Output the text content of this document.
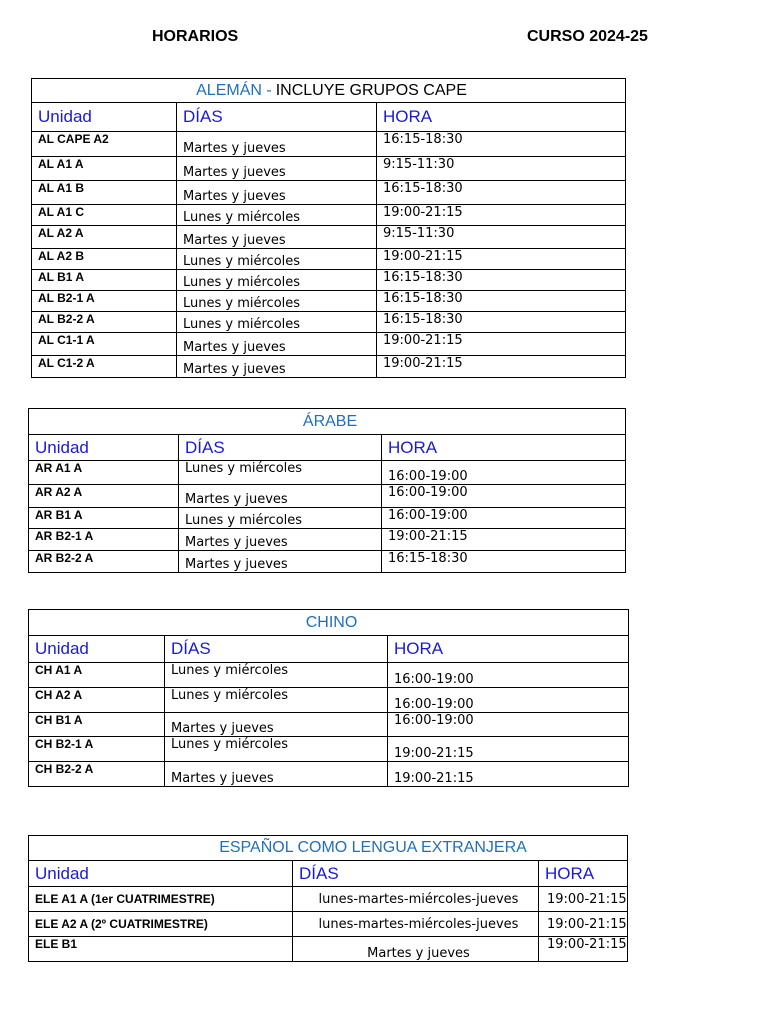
HORARIOS	CURSO 2024-25
ALEMÁN - INCLUYE GRUPOS CAPE		
Unidad	DÍAS	HORA
AL CAPE A2	Martes y jueves	16:15-18:30
AL A1 A	Martes y jueves	9:15-11:30
AL A1 B	Martes y jueves	16:15-18:30
AL A1 C	Lunes y miércoles	19:00-21:15
AL A2 A	Martes y jueves	9:15-11:30
AL A2 B	Lunes y miércoles	19:00-21:15
AL B1 A	Lunes y miércoles	16:15-18:30
AL B2-1 A	Lunes y miércoles	16:15-18:30
AL B2-2 A	Lunes y miércoles	16:15-18:30
AL C1-1 A	Martes y jueves	19:00-21:15
AL C1-2 A	Martes y jueves	19:00-21:15
ÁRABE		
Unidad	DÍAS	HORA
AR A1 A	Lunes y miércoles	16:00-19:00
AR A2 A	Martes y jueves	16:00-19:00
AR B1 A	Lunes y miércoles	16:00-19:00
AR B2-1 A	Martes y jueves	19:00-21:15
AR B2-2 A	Martes y jueves	16:15-18:30
CHINO		
Unidad	DÍAS	HORA
CH A1 A	Lunes y miércoles	16:00-19:00
CH A2 A	Lunes y miércoles	16:00-19:00
CH B1 A	Martes y jueves	16:00-19:00
CH B2-1 A	Lunes y miércoles	19:00-21:15
CH B2-2 A	Martes y jueves	19:00-21:15
ESPAÑOL COMO LENGUA EXTRANJERA		
Unidad	DÍAS	HORA
ELE A1 A (1er CUATRIMESTRE)	lunes-martes-miércoles-jueves	19:00-21:15
ELE A2 A (2º CUATRIMESTRE)	lunes-martes-miércoles-jueves	19:00-21:15
ELE B1	Martes y jueves	19:00-21:15
